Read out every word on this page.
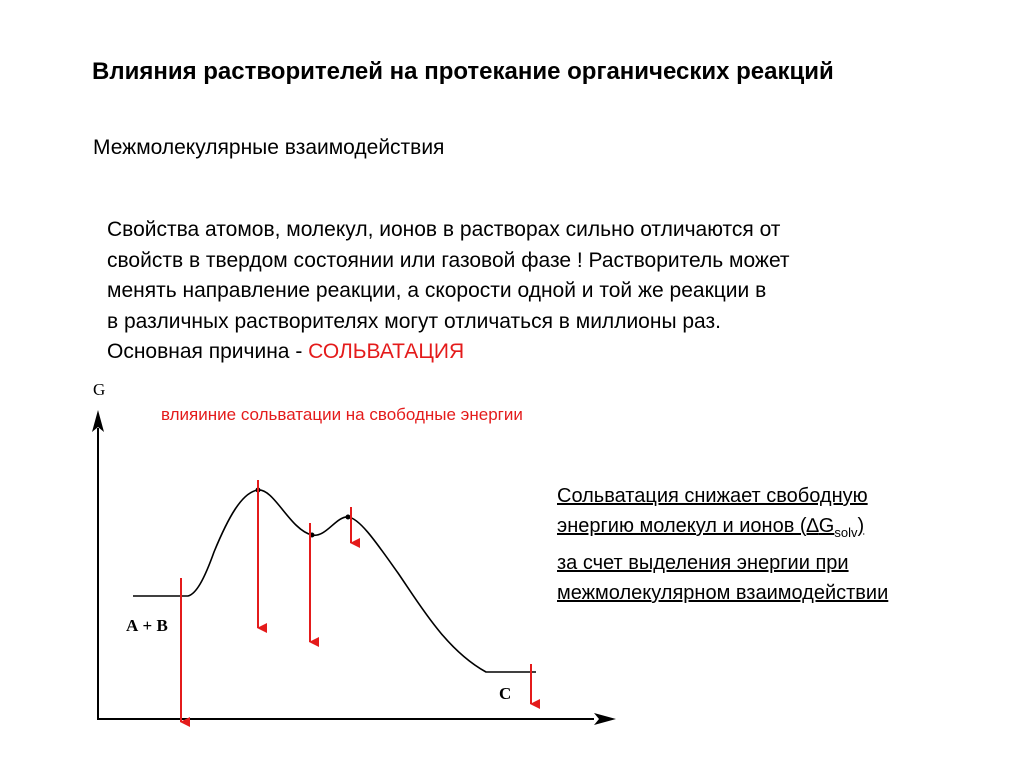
Влияния растворителей на протекание органических реакций
Межмолекулярные взаимодействия
Свойства атомов, молекул, ионов в растворах сильно отличаются от
свойств в твердом состоянии или газовой фазе ! Растворитель может
менять направление реакции, а скорости одной и той же реакции в
в различных растворителях могут отличаться в миллионы раз.
Основная причина - СОЛЬВАТАЦИЯ
G
влияиние сольватации на свободные энергии
А + В
С
Сольватация снижает свободную
энергию молекул и ионов $(\Delta G_{solv})$
за счет выделения энергии при
межмолекулярном взаимодействии
